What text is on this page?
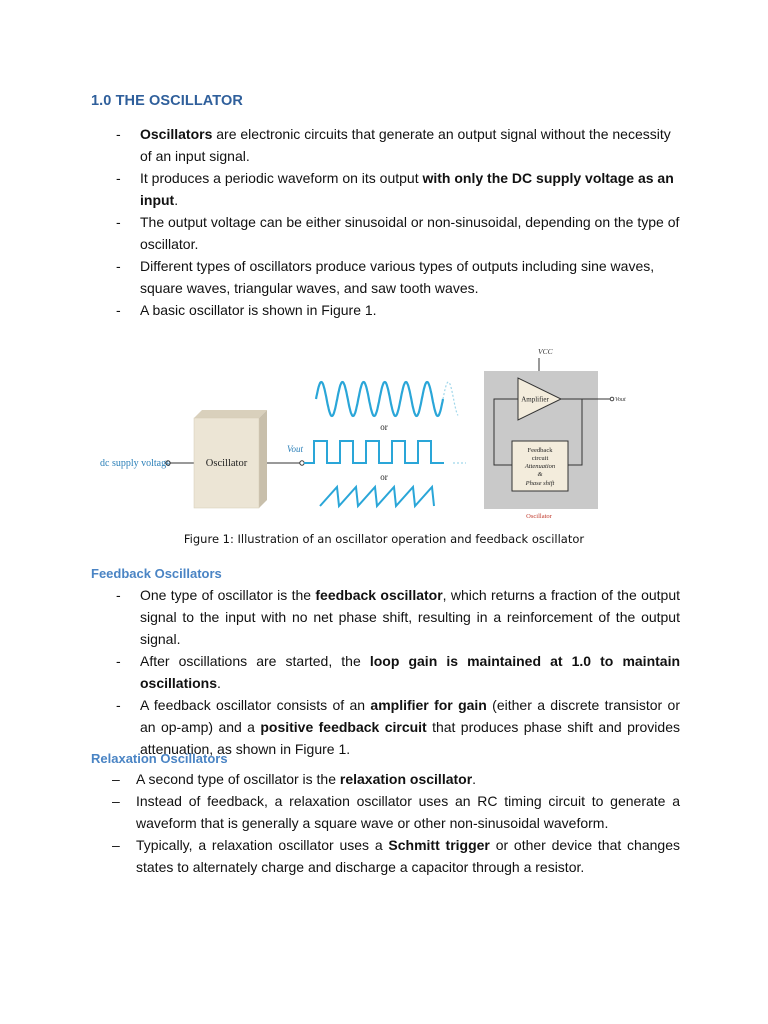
1.0 THE OSCILLATOR
- Oscillators are electronic circuits that generate an output signal without the necessity of an input signal.
- It produces a periodic waveform on its output with only the DC supply voltage as an input.
- The output voltage can be either sinusoidal or non-sinusoidal, depending on the type of oscillator.
- Different types of oscillators produce various types of outputs including sine waves, square waves, triangular waves, and saw tooth waves.
- A basic oscillator is shown in Figure 1.
dc supply voltage	Oscillator
Vout
or
or
VCC
Amplifier	Vout
Feedback
circuit
Attenuation
&
Phase shift
Oscillator
Figure 1: Illustration of an oscillator operation and feedback oscillator
Feedback Oscillators
- One type of oscillator is the feedback oscillator, which returns a fraction of the output signal to the input with no net phase shift, resulting in a reinforcement of the output signal.
- After oscillations are started, the loop gain is maintained at 1.0 to maintain oscillations.
- A feedback oscillator consists of an amplifier for gain (either a discrete transistor or an op-amp) and a positive feedback circuit that produces phase shift and provides attenuation, as shown in Figure 1.
Relaxation Oscillators
– A second type of oscillator is the relaxation oscillator.
– Instead of feedback, a relaxation oscillator uses an RC timing circuit to generate a waveform that is generally a square wave or other non-sinusoidal waveform.
– Typically, a relaxation oscillator uses a Schmitt trigger or other device that changes states to alternately charge and discharge a capacitor through a resistor.
